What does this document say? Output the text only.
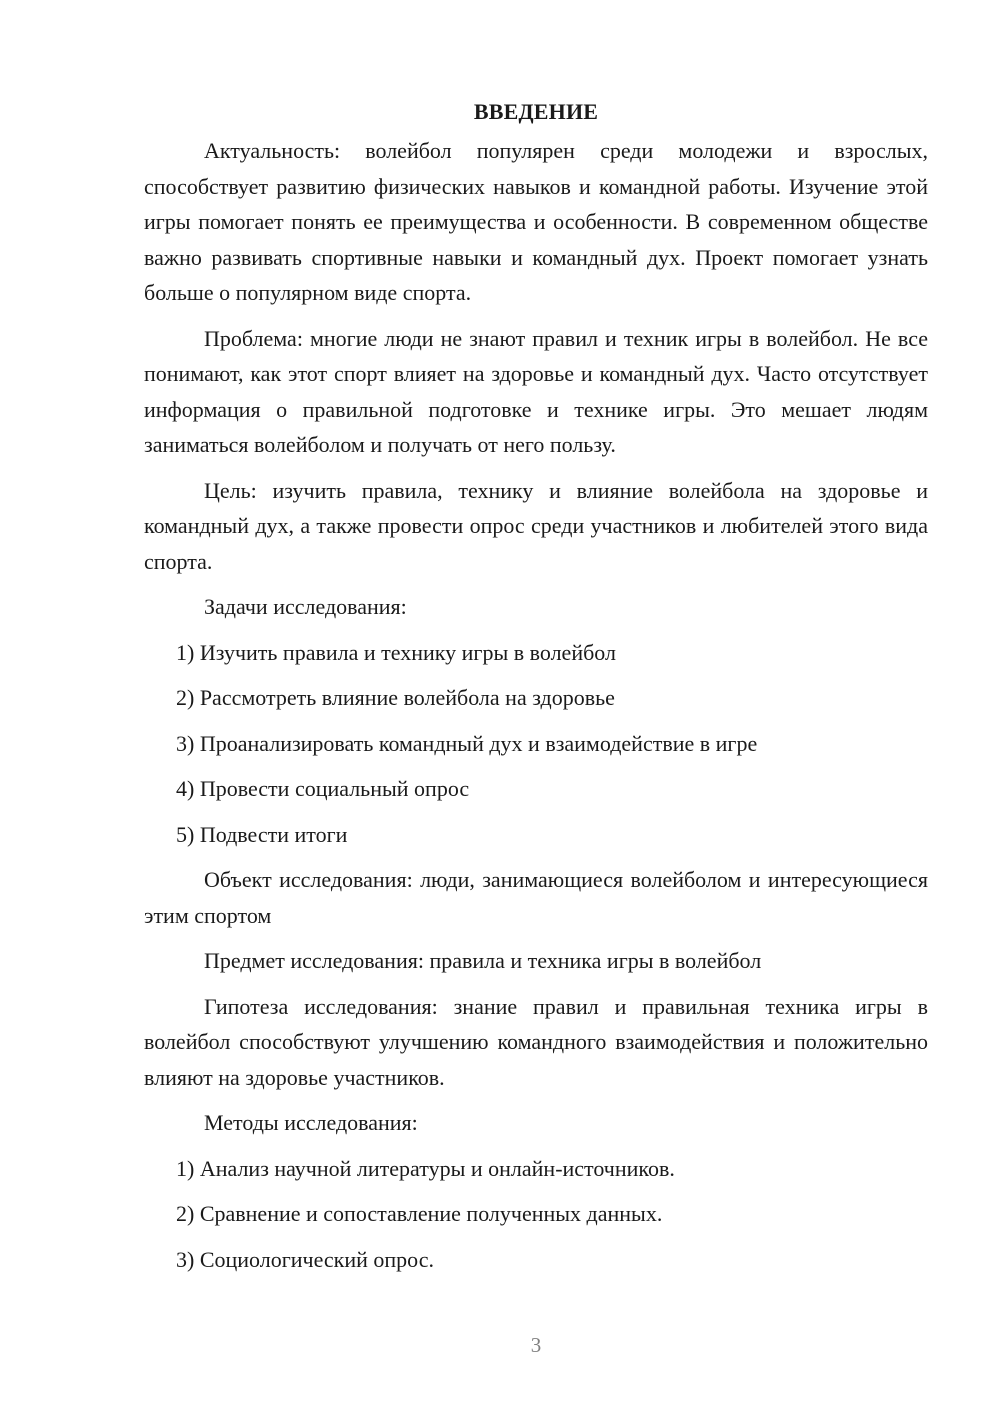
ВВЕДЕНИЕ

Актуальность: волейбол популярен среди молодежи и взрослых, способствует развитию физических навыков и командной работы. Изучение этой игры помогает понять ее преимущества и особенности. В современном обществе важно развивать спортивные навыки и командный дух. Проект помогает узнать больше о популярном виде спорта.

Проблема: многие люди не знают правил и техник игры в волейбол. Не все понимают, как этот спорт влияет на здоровье и командный дух. Часто отсутствует информация о правильной подготовке и технике игры. Это мешает людям заниматься волейболом и получать от него пользу.

Цель: изучить правила, технику и влияние волейбола на здоровье и командный дух, а также провести опрос среди участников и любителей этого вида спорта.

Задачи исследования:

1) Изучить правила и технику игры в волейбол
2) Рассмотреть влияние волейбола на здоровье
3) Проанализировать командный дух и взаимодействие в игре
4) Провести социальный опрос
5) Подвести итоги

Объект исследования: люди, занимающиеся волейболом и интересующиеся этим спортом

Предмет исследования: правила и техника игры в волейбол

Гипотеза исследования: знание правил и правильная техника игры в волейбол способствуют улучшению командного взаимодействия и положительно влияют на здоровье участников.

Методы исследования:

1) Анализ научной литературы и онлайн-источников.
2) Сравнение и сопоставление полученных данных.
3) Социологический опрос.
3
